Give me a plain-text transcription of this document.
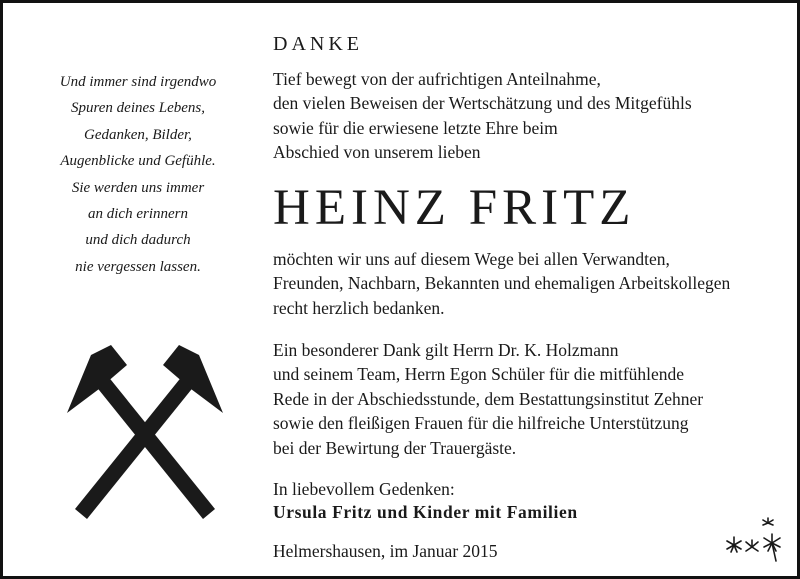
Und immer sind irgendwo
Spuren deines Lebens,
Gedanken, Bilder,
Augenblicke und Gefühle.
Sie werden uns immer
an dich erinnern
und dich dadurch
nie vergessen lassen.
DANKE
Tief bewegt von der aufrichtigen Anteilnahme,
den vielen Beweisen der Wertschätzung und des Mitgefühls
sowie für die erwiesene letzte Ehre beim
Abschied von unserem lieben
HEINZ FRITZ
möchten wir uns auf diesem Wege bei allen Verwandten,
Freunden, Nachbarn, Bekannten und ehemaligen Arbeitskollegen
recht herzlich bedanken.
Ein besonderer Dank gilt Herrn Dr. K. Holzmann
und seinem Team, Herrn Egon Schüler für die mitfühlende
Rede in der Abschiedsstunde, dem Bestattungsinstitut Zehner
sowie den fleißigen Frauen für die hilfreiche Unterstützung
bei der Bewirtung der Trauergäste.
In liebevollem Gedenken:
Ursula Fritz und Kinder mit Familien
Helmershausen, im Januar 2015
